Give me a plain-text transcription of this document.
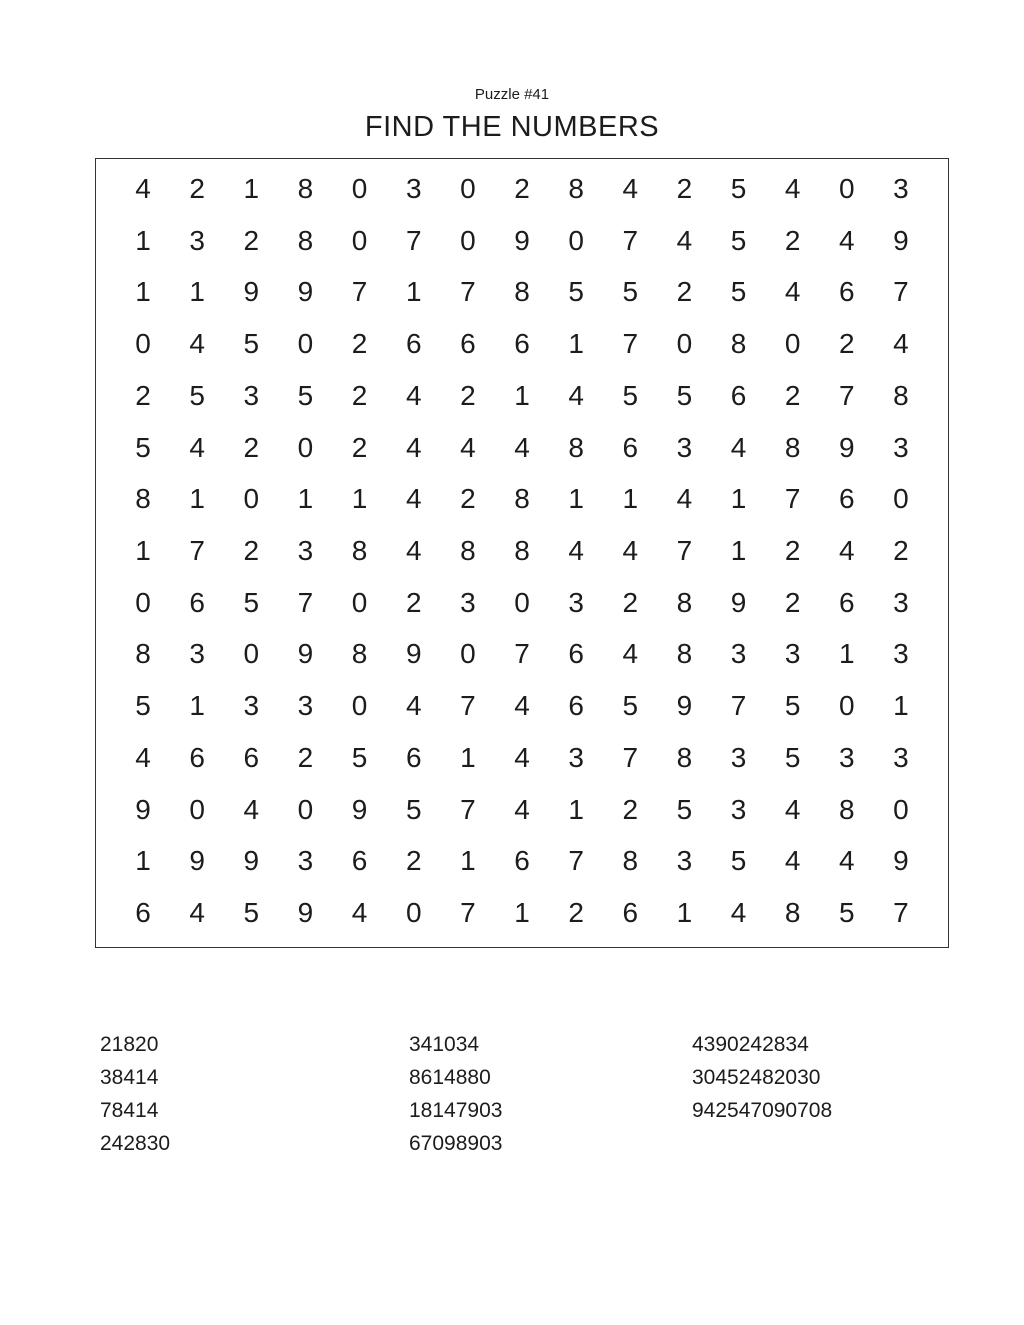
Puzzle #41
FIND THE NUMBERS
4	2	1	8	0	3	0	2	8	4	2	5	4	0	3
1	3	2	8	0	7	0	9	0	7	4	5	2	4	9
1	1	9	9	7	1	7	8	5	5	2	5	4	6	7
0	4	5	0	2	6	6	6	1	7	0	8	0	2	4
2	5	3	5	2	4	2	1	4	5	5	6	2	7	8
5	4	2	0	2	4	4	4	8	6	3	4	8	9	3
8	1	0	1	1	4	2	8	1	1	4	1	7	6	0
1	7	2	3	8	4	8	8	4	4	7	1	2	4	2
0	6	5	7	0	2	3	0	3	2	8	9	2	6	3
8	3	0	9	8	9	0	7	6	4	8	3	3	1	3
5	1	3	3	0	4	7	4	6	5	9	7	5	0	1
4	6	6	2	5	6	1	4	3	7	8	3	5	3	3
9	0	4	0	9	5	7	4	1	2	5	3	4	8	0
1	9	9	3	6	2	1	6	7	8	3	5	4	4	9
6	4	5	9	4	0	7	1	2	6	1	4	8	5	7
21820
38414
78414
242830
341034
8614880
18147903
67098903
4390242834
30452482030
942547090708
